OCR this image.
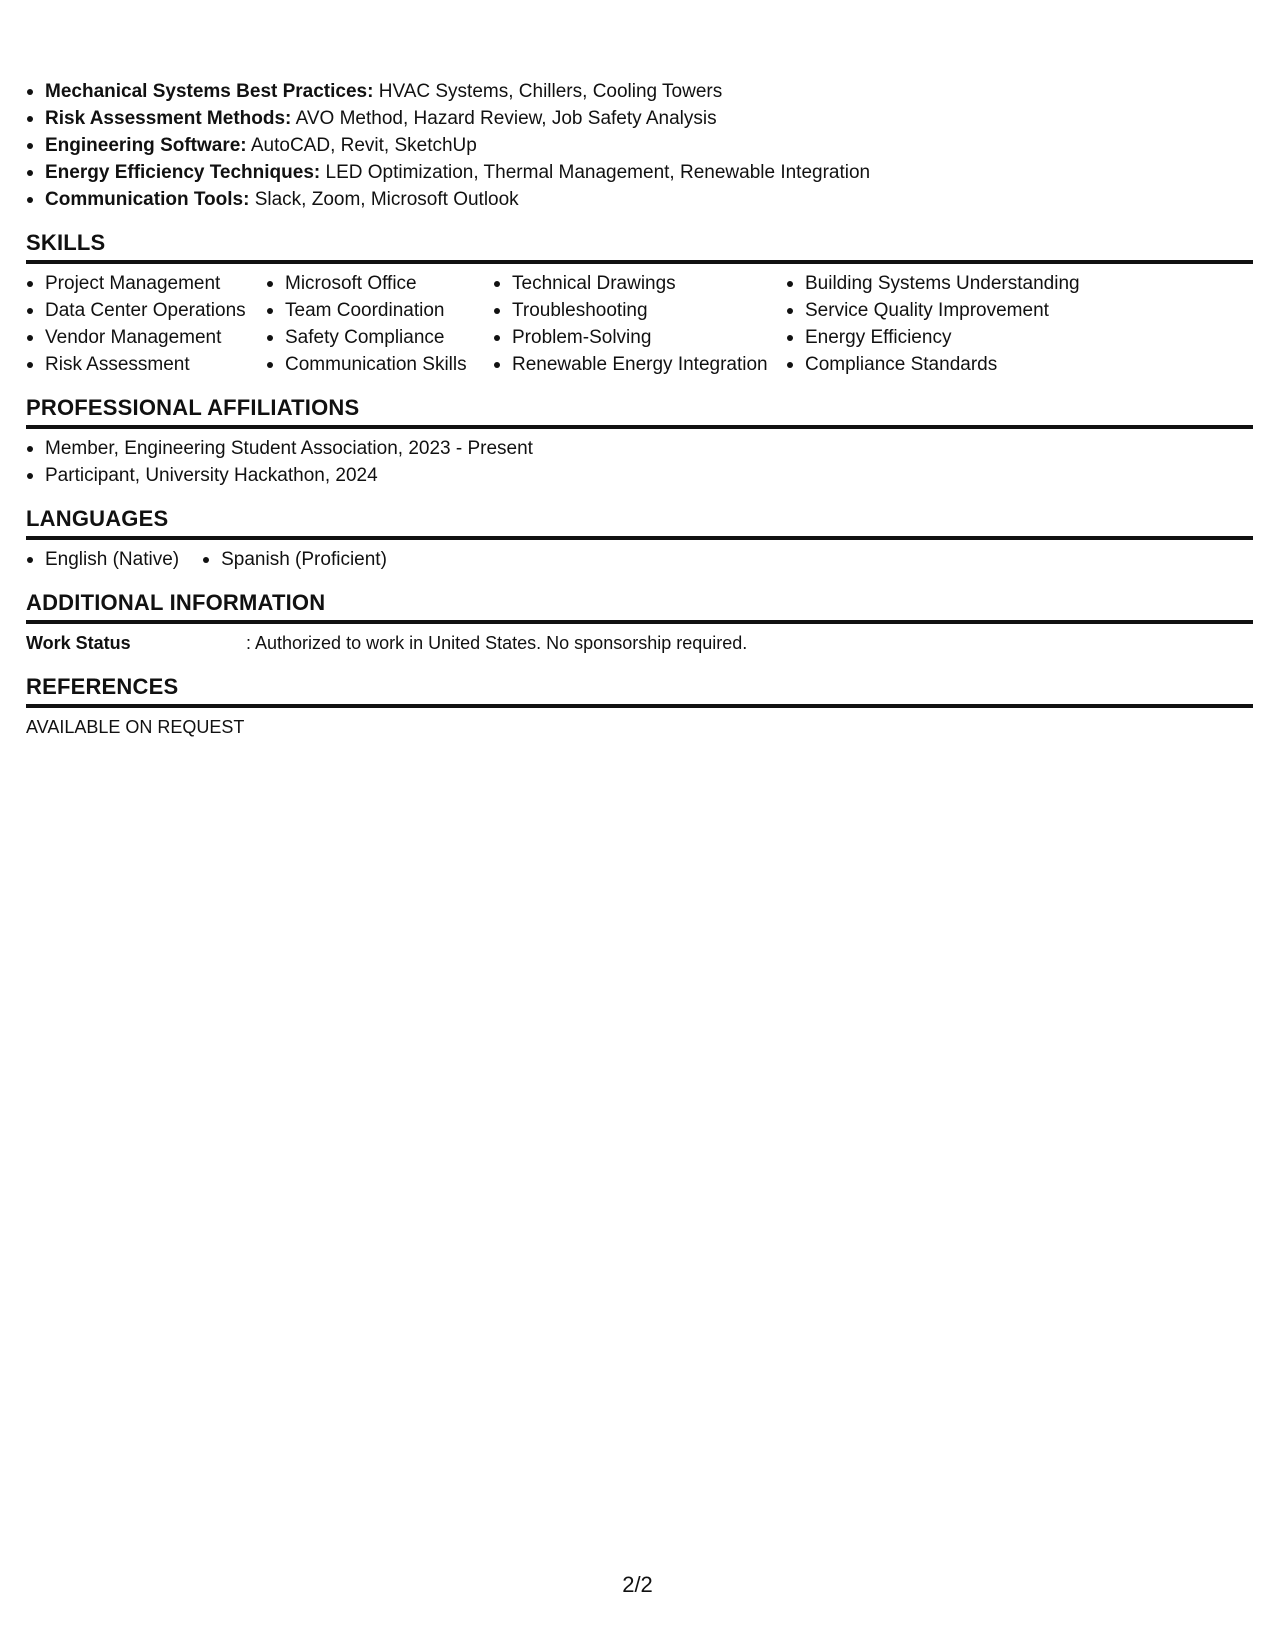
Mechanical Systems Best Practices: HVAC Systems, Chillers, Cooling Towers
Risk Assessment Methods: AVO Method, Hazard Review, Job Safety Analysis
Engineering Software: AutoCAD, Revit, SketchUp
Energy Efficiency Techniques: LED Optimization, Thermal Management, Renewable Integration
Communication Tools: Slack, Zoom, Microsoft Outlook
SKILLS
Project Management
Data Center Operations
Vendor Management
Risk Assessment
Microsoft Office
Team Coordination
Safety Compliance
Communication Skills
Technical Drawings
Troubleshooting
Problem-Solving
Renewable Energy Integration
Building Systems Understanding
Service Quality Improvement
Energy Efficiency
Compliance Standards
PROFESSIONAL AFFILIATIONS
Member, Engineering Student Association, 2023 - Present
Participant, University Hackathon, 2024
LANGUAGES
English (Native)	Spanish (Proficient)
ADDITIONAL INFORMATION
Work Status	: Authorized to work in United States. No sponsorship required.
REFERENCES
AVAILABLE ON REQUEST
2/2
